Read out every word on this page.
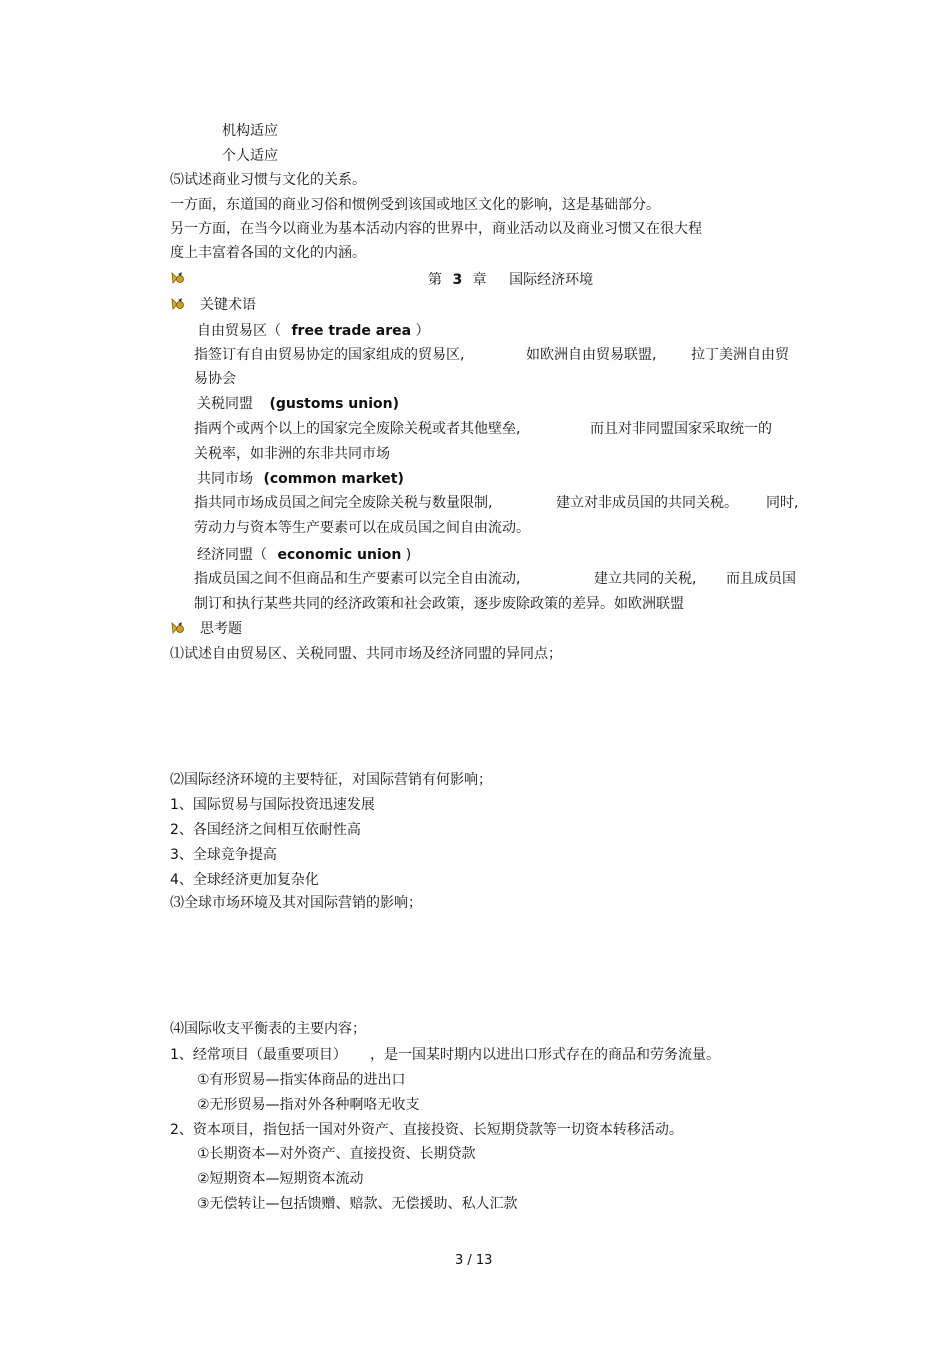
机构适应
个人适应
⑸试述商业习惯与文化的关系。
一方面，东道国的商业习俗和惯例受到该国或地区文化的影响，这是基础部分。
另一方面，在当今以商业为基本活动内容的世界中，商业活动以及商业习惯又在很大程
度上丰富着各国的文化的内涵。
第 3 章 国际经济环境
关键术语
自由贸易区（ free trade area ）
指签订有自由贸易协定的国家组成的贸易区,	如欧洲自由贸易联盟, 拉丁美洲自由贸
易协会
关税同盟 (gustoms union)
指两个或两个以上的国家完全废除关税或者其他壁垒,	而且对非同盟国家采取统一的
关税率，如非洲的东非共同市场
共同市场 (common market)
指共同市场成员国之间完全废除关税与数量限制,	建立对非成员国的共同关税。 同时,
劳动力与资本等生产要素可以在成员国之间自由流动。
经济同盟（ economic union )
指成员国之间不但商品和生产要素可以完全自由流动,	建立共同的关税, 而且成员国
制订和执行某些共同的经济政策和社会政策，逐步废除政策的差异。如欧洲联盟
思考题
⑴试述自由贸易区、关税同盟、共同市场及经济同盟的异同点；
⑵国际经济环境的主要特征，对国际营销有何影响；
1、国际贸易与国际投资迅速发展
2、各国经济之间相互依耐性高
3、全球竞争提高
4、全球经济更加复杂化
⑶全球市场环境及其对国际营销的影响；
⑷国际收支平衡表的主要内容；
1、经常项目（最重要项目） ，是一国某时期内以进出口形式存在的商品和劳务流量。
①有形贸易—指实体商品的进出口
②无形贸易—指对外各种啊咯无收支
2、资本项目，指包括一国对外资产、直接投资、长短期贷款等一切资本转移活动。
①长期资本—对外资产、直接投资、长期贷款
②短期资本—短期资本流动
③无偿转让—包括馈赠、赔款、无偿援助、私人汇款
3 / 13
